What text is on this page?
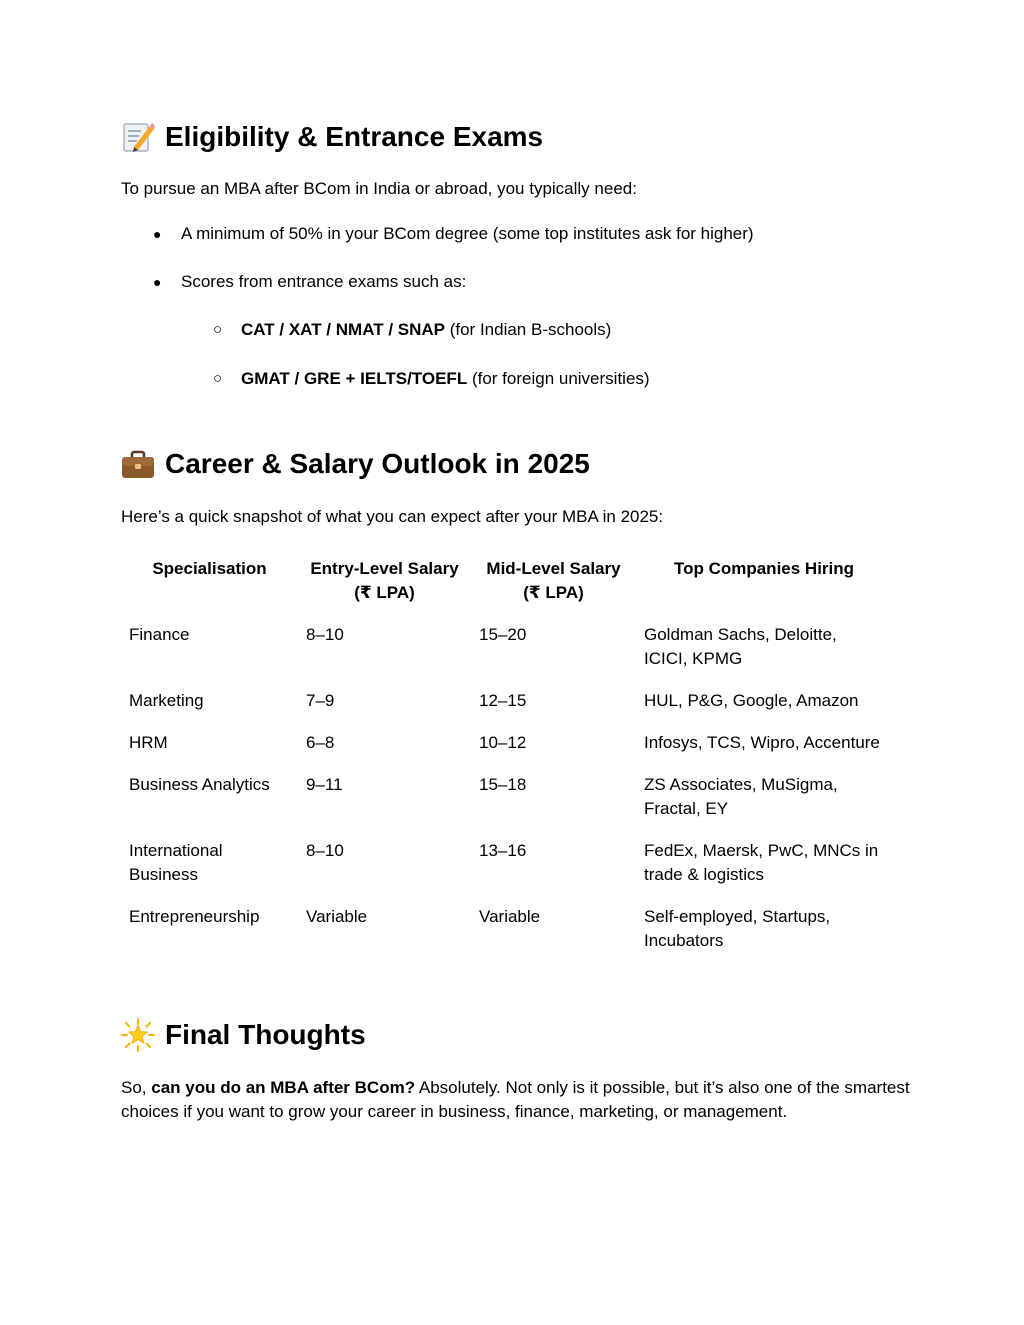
Eligibility & Entrance Exams

To pursue an MBA after BCom in India or abroad, you typically need:

● A minimum of 50% in your BCom degree (some top institutes ask for higher)
● Scores from entrance exams such as:
○ CAT / XAT / NMAT / SNAP (for Indian B-schools)
○ GMAT / GRE + IELTS/TOEFL (for foreign universities)
Career & Salary Outlook in 2025

Here’s a quick snapshot of what you can expect after your MBA in 2025:

Specialisation	Entry-Level Salary (₹ LPA)	Mid-Level Salary (₹ LPA)	Top Companies Hiring
Finance	8–10	15–20	Goldman Sachs, Deloitte, ICICI, KPMG
Marketing	7–9	12–15	HUL, P&G, Google, Amazon
HRM	6–8	10–12	Infosys, TCS, Wipro, Accenture
Business Analytics	9–11	15–18	ZS Associates, MuSigma, Fractal, EY
International Business	8–10	13–16	FedEx, Maersk, PwC, MNCs in trade & logistics
Entrepreneurship	Variable	Variable	Self-employed, Startups, Incubators
Final Thoughts

So, can you do an MBA after BCom? Absolutely. Not only is it possible, but it’s also one of the smartest choices if you want to grow your career in business, finance, marketing, or management.
